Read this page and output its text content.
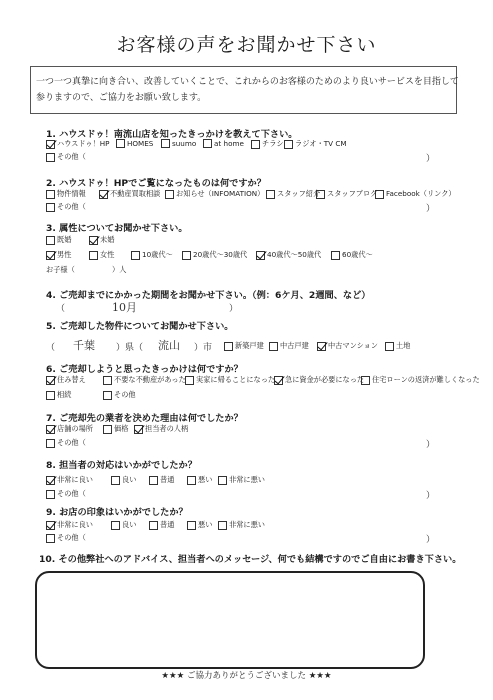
お客様の声をお聞かせ下さい
一つ一つ真摯に向き合い、改善していくことで、これからのお客様のためのより良いサービスを目指して
参りますので、ご協力をお願い致します。
1. ハウスドゥ！南流山店を知ったきっかけを教えて下さい。
ハウスドゥ！HP HOMES	suumo at home	チラシ ラジオ・TV CM
その他（	）
2. ハウスドゥ！HPでご覧になったものは何ですか？
物件情報	不動産買取相談 お知らせ（INFOMATION） スタッフ紹介 スタッフブログ Facebook（リンク）
その他（	）
3. 属性についてお聞かせ下さい。
既婚	未婚
男性	女性	10歳代〜	20歳代〜30歳代	40歳代〜50歳代	60歳代〜
お子様（	）人
4. ご売却までにかかった期間をお聞かせ下さい。（例：6ケ月、2週間、など）
（	10月	）
5. ご売却した物件についてお聞かせ下さい。
（ 千葉 ）県（ 流山 ）市	新築戸建 中古戸建	中古マンション	土地
6. ご売却しようと思ったきっかけは何ですか？
住み替え	不要な不動産があった 実家に帰ることになった 急に資金が必要になった 住宅ローンの返済が難しくなった
相続	その他
7. ご売却先の業者を決めた理由は何でしたか？
店舗の場所	価格 担当者の人柄
その他（	）
8. 担当者の対応はいかがでしたか？
非常に良い	良い	普通	悪い 非常に悪い
その他（	）
9. お店の印象はいかがでしたか？
非常に良い	良い	普通	悪い 非常に悪い
その他（	）
10. その他弊社へのアドバイス、担当者へのメッセージ、何でも結構ですのでご自由にお書き下さい。
★★★ ご協力ありがとうございました ★★★
